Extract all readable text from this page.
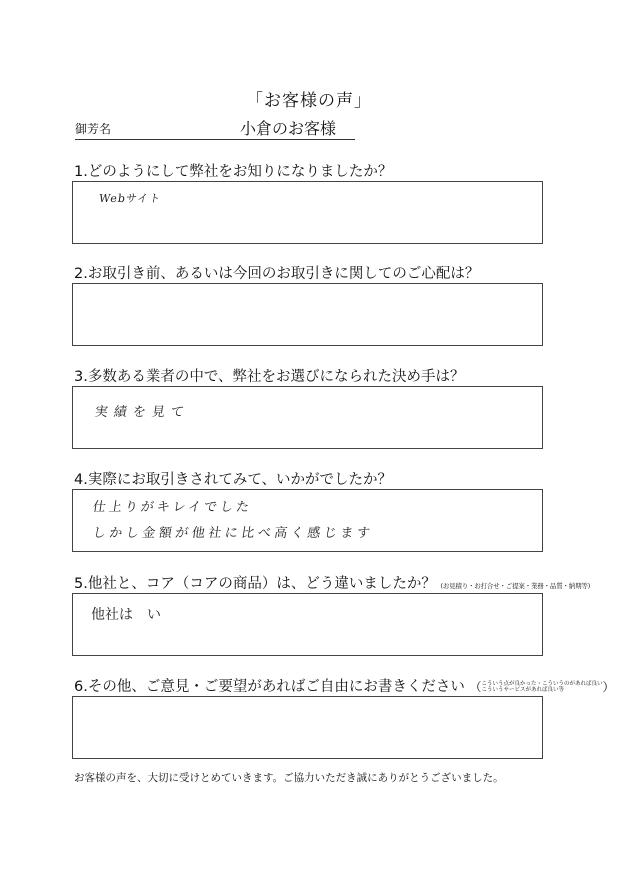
「お客様の声」
御芳名	小倉のお客様
1.どのようにして弊社をお知りになりましたか？
Webサイト
2.お取引き前、あるいは今回のお取引きに関してのご心配は？
3.多数ある業者の中で、弊社をお選びになられた決め手は？
実績を見て
4.実際にお取引きされてみて、いかがでしたか？
仕上りがキレイでした
しかし金額が他社に比べ高く感じます
5.他社と、コア（コアの商品）は、どう違いましたか？ (お見積り・お打合せ・ご提案・業務・品質・納期等)
他社は　い
6.その他、ご意見・ご要望があればご自由にお書きください （こういう点が良かった・こういうのがあれば良い
こういうサービスがあれば良い等	）
お客様の声を、大切に受けとめていきます。ご協力いただき誠にありがとうございました。
